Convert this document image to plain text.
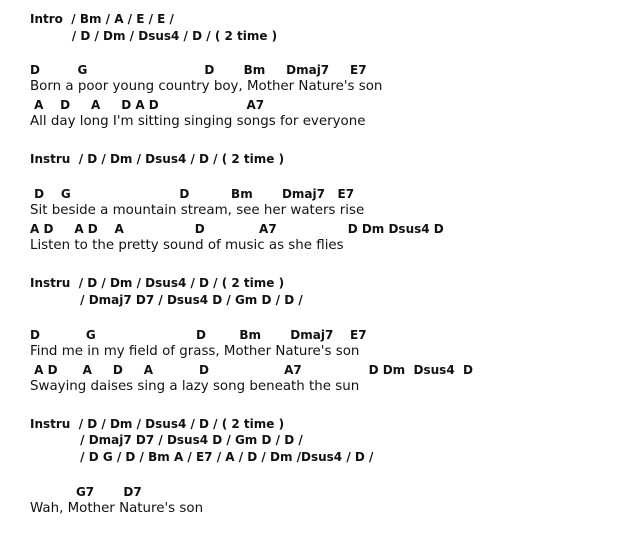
Intro  / Bm / A / E / E /
/ D / Dm / Dsus4 / D / ( 2 time )
D         G                            D       Bm     Dmaj7     E7
Born a poor young country boy, Mother Nature's son
A    D     A     D A D                     A7
All day long I'm sitting singing songs for everyone
Instru  / D / Dm / Dsus4 / D / ( 2 time )
D    G                          D          Bm       Dmaj7   E7
Sit beside a mountain stream, see her waters rise
A D     A D    A                 D             A7                 D Dm Dsus4 D
Listen to the pretty sound of music as she flies
Instru  / D / Dm / Dsus4 / D / ( 2 time )
/ Dmaj7 D7 / Dsus4 D / Gm D / D /
D           G                        D        Bm       Dmaj7    E7
Find me in my field of grass, Mother Nature's son
A D      A     D     A           D                  A7                D Dm  Dsus4  D
Swaying daises sing a lazy song beneath the sun
Instru  / D / Dm / Dsus4 / D / ( 2 time )
/ Dmaj7 D7 / Dsus4 D / Gm D / D /
/ D G / D / Bm A / E7 / A / D / Dm /Dsus4 / D /
G7       D7
Wah, Mother Nature's son
